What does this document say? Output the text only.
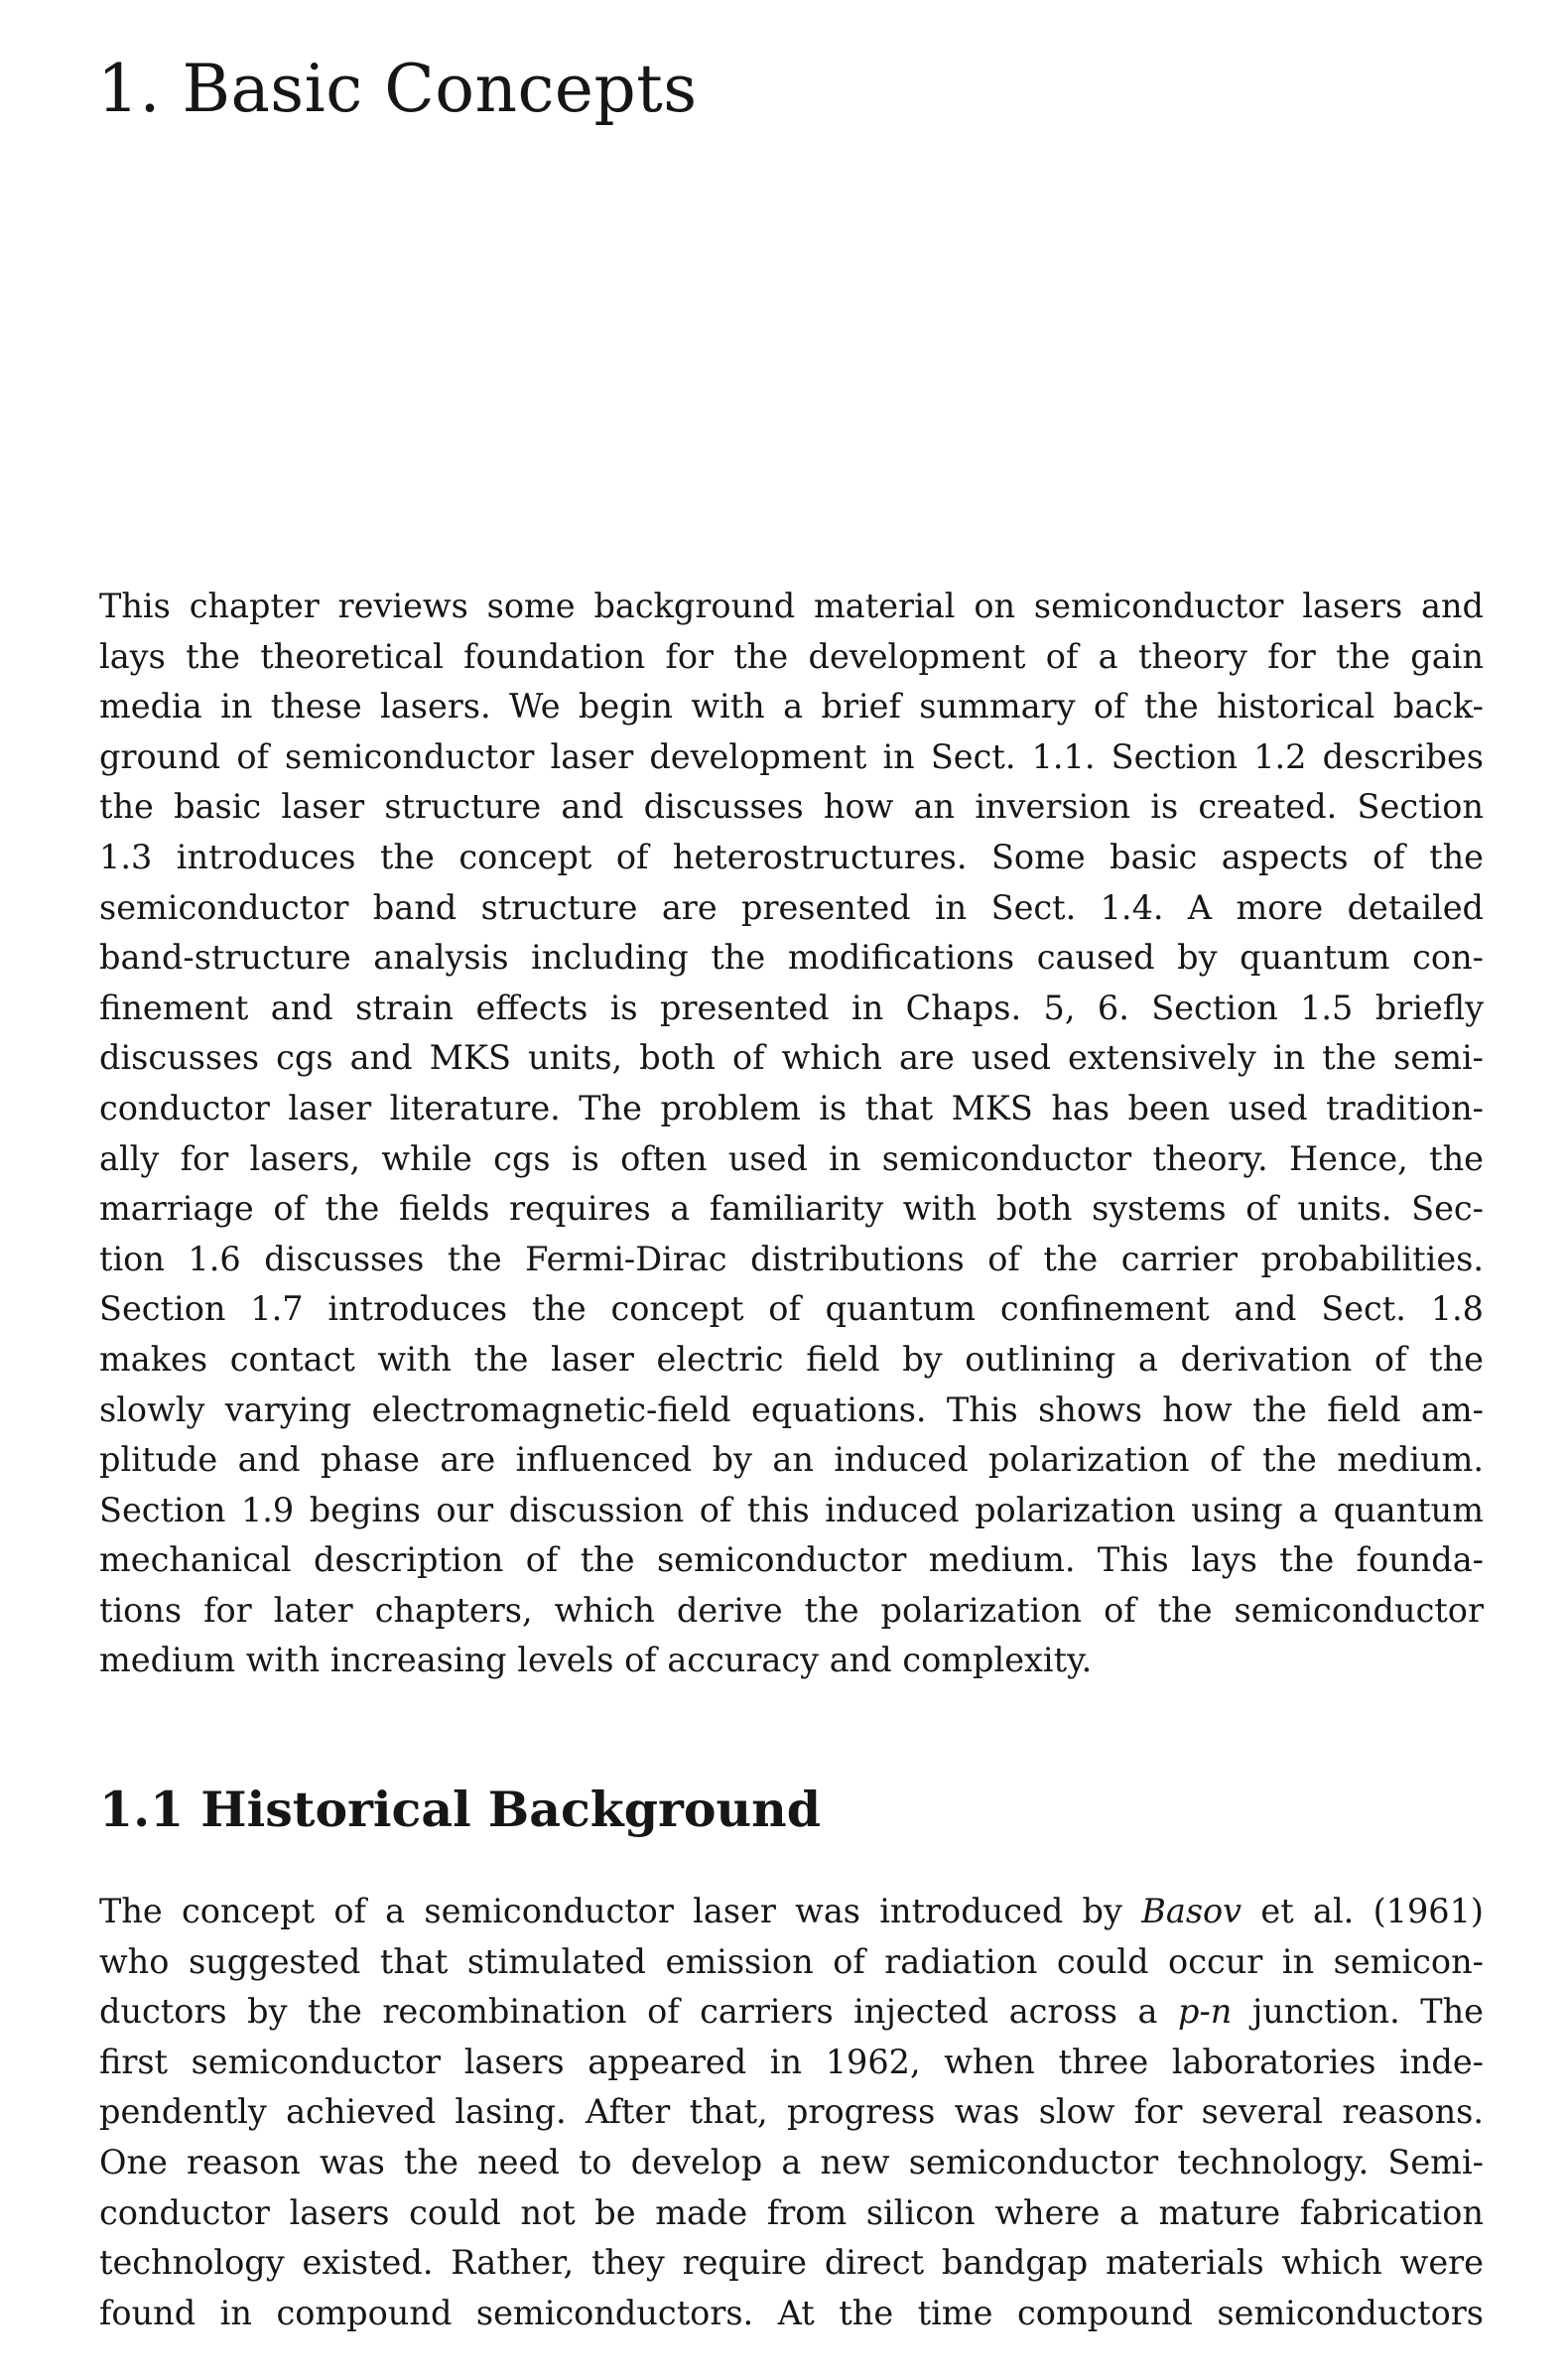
1. Basic Concepts
This chapter reviews some background material on semiconductor lasers and
lays the theoretical foundation for the development of a theory for the gain
media in these lasers. We begin with a brief summary of the historical back-
ground of semiconductor laser development in Sect. 1.1. Section 1.2 describes
the basic laser structure and discusses how an inversion is created. Section
1.3 introduces the concept of heterostructures. Some basic aspects of the
semiconductor band structure are presented in Sect. 1.4. A more detailed
band-structure analysis including the modifications caused by quantum con-
finement and strain effects is presented in Chaps. 5, 6. Section 1.5 briefly
discusses cgs and MKS units, both of which are used extensively in the semi-
conductor laser literature. The problem is that MKS has been used tradition-
ally for lasers, while cgs is often used in semiconductor theory. Hence, the
marriage of the fields requires a familiarity with both systems of units. Sec-
tion 1.6 discusses the Fermi-Dirac distributions of the carrier probabilities.
Section 1.7 introduces the concept of quantum confinement and Sect. 1.8
makes contact with the laser electric field by outlining a derivation of the
slowly varying electromagnetic-field equations. This shows how the field am-
plitude and phase are influenced by an induced polarization of the medium.
Section 1.9 begins our discussion of this induced polarization using a quantum
mechanical description of the semiconductor medium. This lays the founda-
tions for later chapters, which derive the polarization of the semiconductor
medium with increasing levels of accuracy and complexity.
1.1 Historical Background
The concept of a semiconductor laser was introduced by Basov et al. (1961)
who suggested that stimulated emission of radiation could occur in semicon-
ductors by the recombination of carriers injected across a p-n junction. The
first semiconductor lasers appeared in 1962, when three laboratories inde-
pendently achieved lasing. After that, progress was slow for several reasons.
One reason was the need to develop a new semiconductor technology. Semi-
conductor lasers could not be made from silicon where a mature fabrication
technology existed. Rather, they require direct bandgap materials which were
found in compound semiconductors. At the time compound semiconductors
